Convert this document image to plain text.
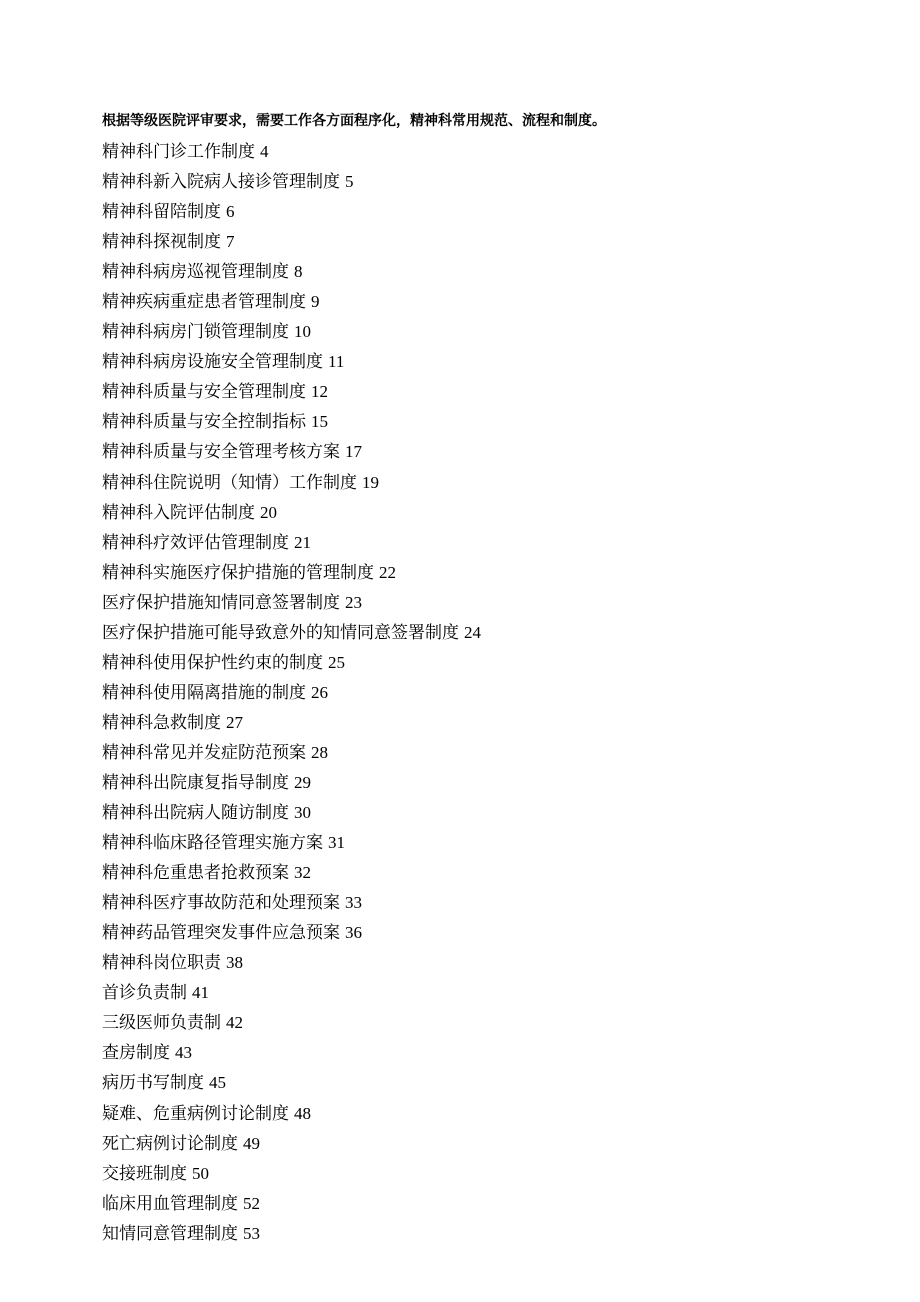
根据等级医院评审要求，需要工作各方面程序化，精神科常用规范、流程和制度。
精神科门诊工作制度 4
精神科新入院病人接诊管理制度 5
精神科留陪制度 6
精神科探视制度 7
精神科病房巡视管理制度 8
精神疾病重症患者管理制度 9
精神科病房门锁管理制度 10
精神科病房设施安全管理制度 11
精神科质量与安全管理制度 12
精神科质量与安全控制指标 15
精神科质量与安全管理考核方案 17
精神科住院说明（知情）工作制度 19
精神科入院评估制度 20
精神科疗效评估管理制度 21
精神科实施医疗保护措施的管理制度 22
医疗保护措施知情同意签署制度 23
医疗保护措施可能导致意外的知情同意签署制度 24
精神科使用保护性约束的制度 25
精神科使用隔离措施的制度 26
精神科急救制度 27
精神科常见并发症防范预案 28
精神科出院康复指导制度 29
精神科出院病人随访制度 30
精神科临床路径管理实施方案 31
精神科危重患者抢救预案 32
精神科医疗事故防范和处理预案 33
精神药品管理突发事件应急预案 36
精神科岗位职责 38
首诊负责制 41
三级医师负责制 42
查房制度 43
病历书写制度 45
疑难、危重病例讨论制度 48
死亡病例讨论制度 49
交接班制度 50
临床用血管理制度 52
知情同意管理制度 53
